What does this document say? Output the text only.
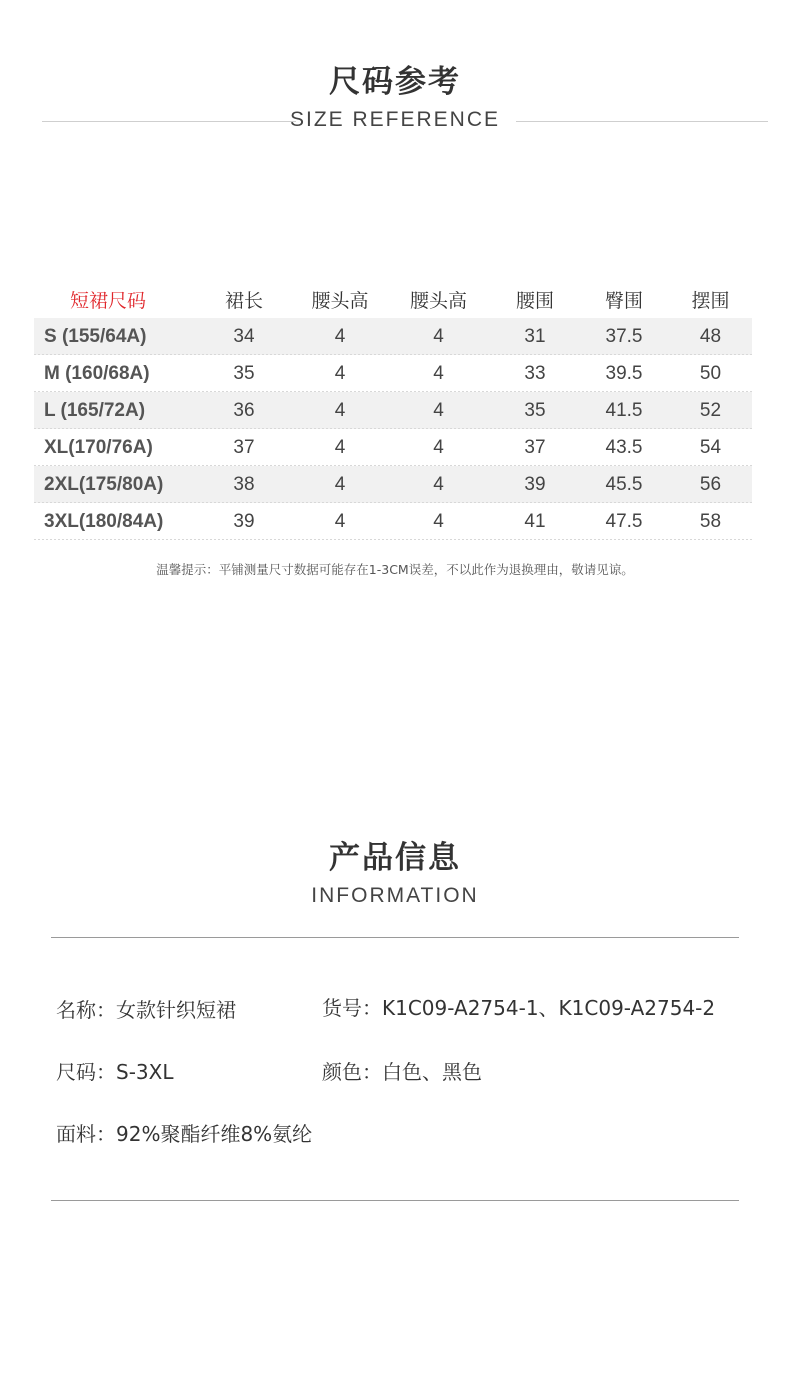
尺码参考
SIZE REFERENCE
短裙尺码	裙长	腰头高	腰头高	腰围	臀围	摆围
S (155/64A)	34	4	4	31	37.5	48
M (160/68A)	35	4	4	33	39.5	50
L (165/72A)	36	4	4	35	41.5	52
XL(170/76A)	37	4	4	37	43.5	54
2XL(175/80A)	38	4	4	39	45.5	56
3XL(180/84A)	39	4	4	41	47.5	58
温馨提示：平铺测量尺寸数据可能存在1-3CM误差，不以此作为退换理由，敬请见谅。
产品信息
INFORMATION
名称：女款针织短裙	货号：K1C09-A2754-1、K1C09-A2754-2
尺码：S-3XL	颜色：白色、黑色
面料：92%聚酯纤维8%氨纶
